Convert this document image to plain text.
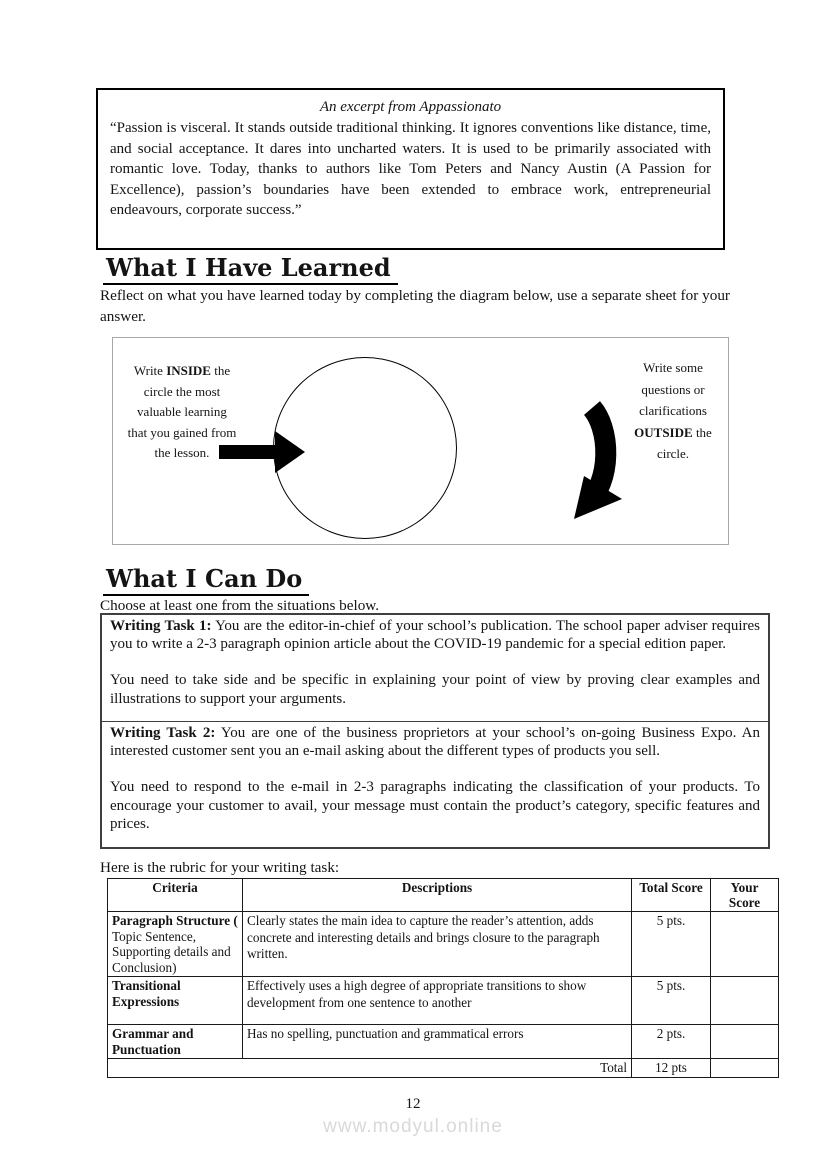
An excerpt from Appassionato

“Passion is visceral. It stands outside traditional thinking. It ignores conventions like distance, time, and social acceptance. It dares into uncharted waters. It is used to be primarily associated with romantic love. Today, thanks to authors like Tom Peters and Nancy Austin (A Passion for Excellence), passion’s boundaries have been extended to embrace work, entrepreneurial endeavours, corporate success.”

What I Have Learned

Reflect on what you have learned today by completing the diagram below, use a separate sheet for your answer.

Write INSIDE the circle the most valuable learning that you gained from the lesson.
Write some questions or clarifications OUTSIDE the circle.
What I Can Do

Choose at least one from the situations below.

Writing Task 1: You are the editor-in-chief of your school’s publication. The school paper adviser requires you to write a 2-3 paragraph opinion article about the COVID-19 pandemic for a special edition paper.

You need to take side and be specific in explaining your point of view by proving clear examples and illustrations to support your arguments.

Writing Task 2: You are one of the business proprietors at your school’s on-going Business Expo. An interested customer sent you an e-mail asking about the different types of products you sell.

You need to respond to the e-mail in 2-3 paragraphs indicating the classification of your products. To encourage your customer to avail, your message must contain the product’s category, specific features and prices.

Here is the rubric for your writing task:

Criteria	Descriptions	Total Score	Your Score
Paragraph Structure ( Topic Sentence, Supporting details and Conclusion)	Clearly states the main idea to capture the reader’s attention, adds concrete and interesting details and brings closure to the paragraph written.	5 pts.	
Transitional Expressions	Effectively uses a high degree of appropriate transitions to show development from one sentence to another	5 pts.	
Grammar and Punctuation	Has no spelling, punctuation and grammatical errors	2 pts.	
Total		12 pts	
12
www.modyul.online
